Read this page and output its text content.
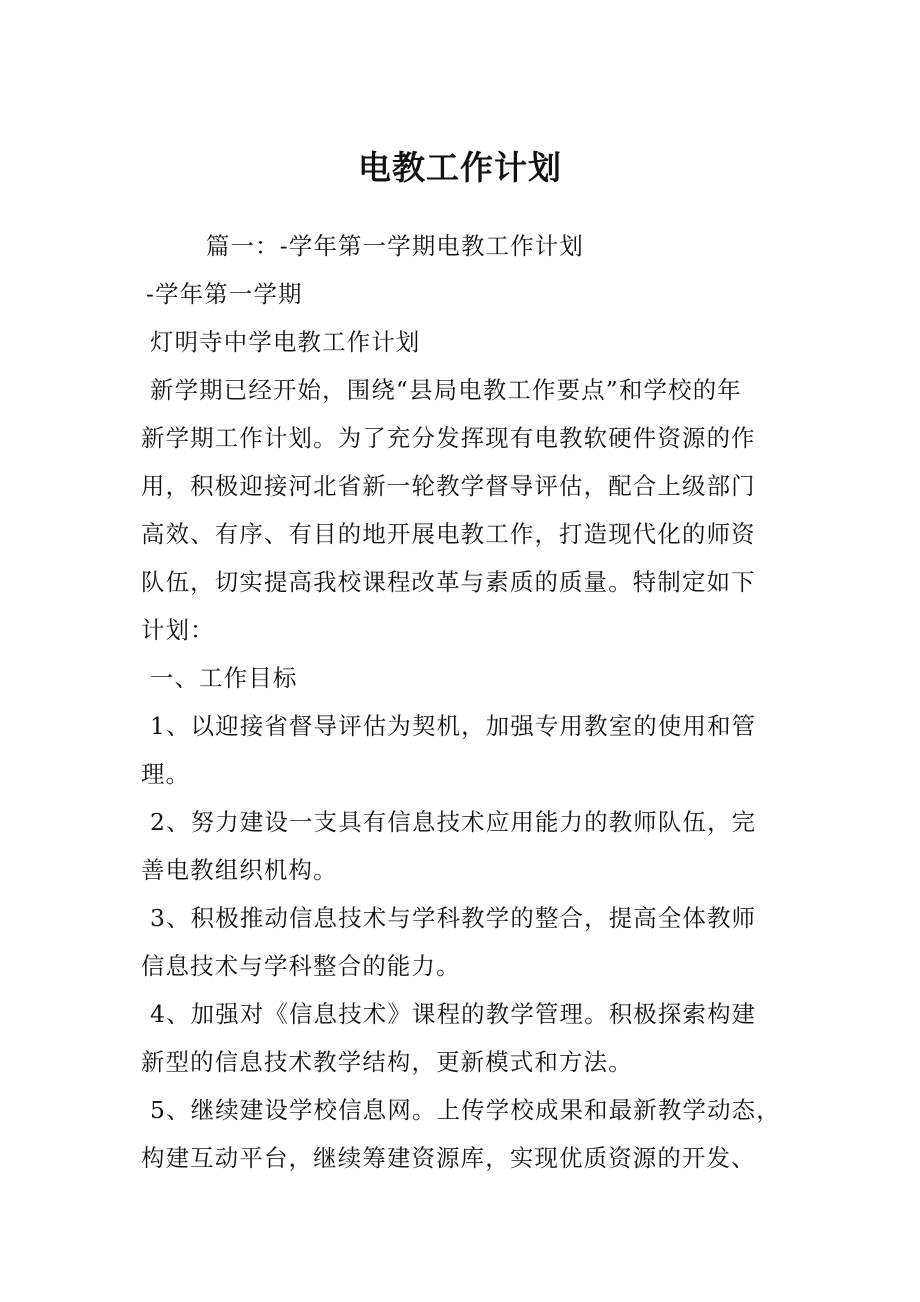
电教工作计划
篇一：-学年第一学期电教工作计划
-学年第一学期
灯明寺中学电教工作计划
新学期已经开始，围绕“县局电教工作要点”和学校的年
新学期工作计划。为了充分发挥现有电教软硬件资源的作
用，积极迎接河北省新一轮教学督导评估，配合上级部门
高效、有序、有目的地开展电教工作，打造现代化的师资
队伍，切实提高我校课程改革与素质的质量。特制定如下
计划：
一、工作目标
1、以迎接省督导评估为契机，加强专用教室的使用和管
理。
2、努力建设一支具有信息技术应用能力的教师队伍，完
善电教组织机构。
3、积极推动信息技术与学科教学的整合，提高全体教师
信息技术与学科整合的能力。
4、加强对《信息技术》课程的教学管理。积极探索构建
新型的信息技术教学结构，更新模式和方法。
5、继续建设学校信息网。上传学校成果和最新教学动态，
构建互动平台，继续筹建资源库，实现优质资源的开发、
